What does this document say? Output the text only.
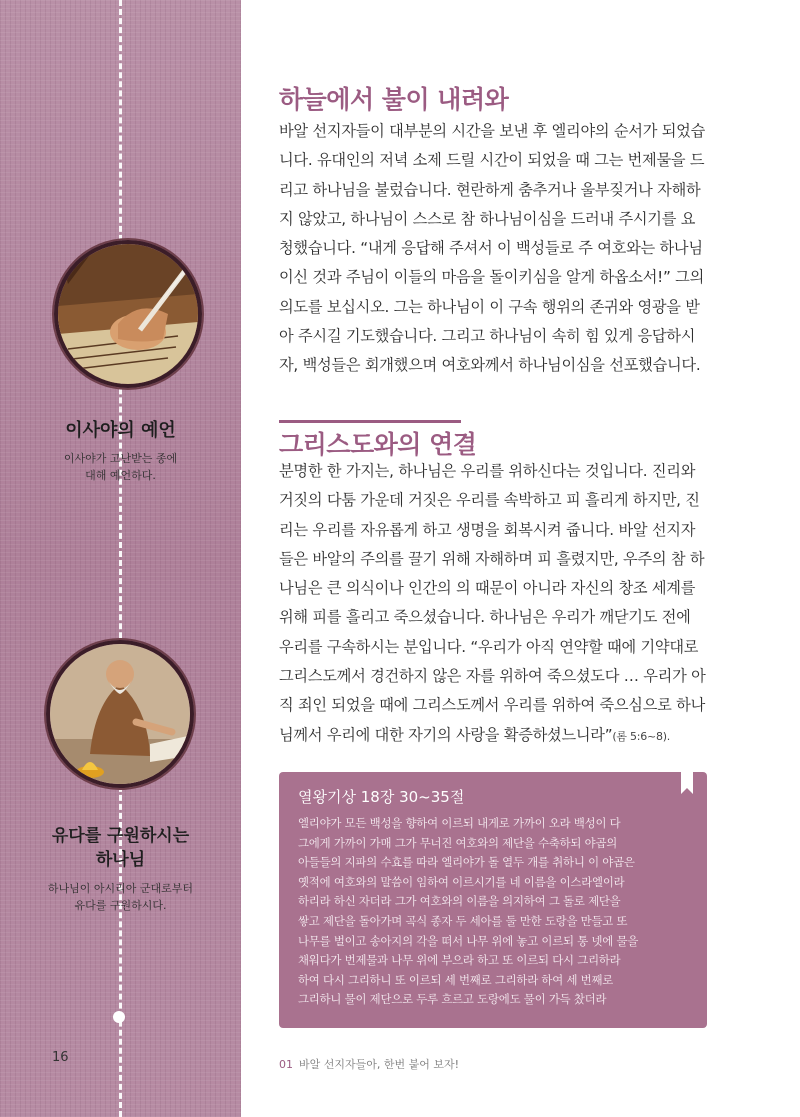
이사야의 예언
이사야가 고난받는 종에
대해 예언하다.
유다를 구원하시는
하나님
하나님이 아시리아 군대로부터
유다를 구원하시다.
16
하늘에서 불이 내려와
바알 선지자들이 대부분의 시간을 보낸 후 엘리야의 순서가 되었습
니다. 유대인의 저녁 소제 드릴 시간이 되었을 때 그는 번제물을 드
리고 하나님을 불렀습니다. 현란하게 춤추거나 울부짖거나 자해하
지 않았고, 하나님이 스스로 참 하나님이심을 드러내 주시기를 요
청했습니다. “내게 응답해 주셔서 이 백성들로 주 여호와는 하나님
이신 것과 주님이 이들의 마음을 돌이키심을 알게 하옵소서!” 그의
의도를 보십시오. 그는 하나님이 이 구속 행위의 존귀와 영광을 받
아 주시길 기도했습니다. 그리고 하나님이 속히 힘 있게 응답하시
자, 백성들은 회개했으며 여호와께서 하나님이심을 선포했습니다.
그리스도와의 연결
분명한 한 가지는, 하나님은 우리를 위하신다는 것입니다. 진리와
거짓의 다툼 가운데 거짓은 우리를 속박하고 피 흘리게 하지만, 진
리는 우리를 자유롭게 하고 생명을 회복시켜 줍니다. 바알 선지자
들은 바알의 주의를 끌기 위해 자해하며 피 흘렸지만, 우주의 참 하
나님은 큰 의식이나 인간의 의 때문이 아니라 자신의 창조 세계를
위해 피를 흘리고 죽으셨습니다. 하나님은 우리가 깨닫기도 전에
우리를 구속하시는 분입니다. “우리가 아직 연약할 때에 기약대로
그리스도께서 경건하지 않은 자를 위하여 죽으셨도다 … 우리가 아
직 죄인 되었을 때에 그리스도께서 우리를 위하여 죽으심으로 하나
님께서 우리에 대한 자기의 사랑을 확증하셨느니라”(롬 5:6~8).
열왕기상 18장 30~35절
엘리야가 모든 백성을 향하여 이르되 내게로 가까이 오라 백성이 다
그에게 가까이 가매 그가 무너진 여호와의 제단을 수축하되 야곱의
아들들의 지파의 수효를 따라 엘리야가 돌 열두 개를 취하니 이 야곱은
옛적에 여호와의 말씀이 임하여 이르시기를 네 이름을 이스라엘이라
하리라 하신 자더라 그가 여호와의 이름을 의지하여 그 돌로 제단을
쌓고 제단을 돌아가며 곡식 종자 두 세아를 둘 만한 도랑을 만들고 또
나무를 벌이고 송아지의 각을 떠서 나무 위에 놓고 이르되 통 넷에 물을
채워다가 번제물과 나무 위에 부으라 하고 또 이르되 다시 그리하라
하여 다시 그리하니 또 이르되 세 번째로 그리하라 하여 세 번째로
그리하니 물이 제단으로 두루 흐르고 도랑에도 물이 가득 찼더라
01 바알 선지자들아, 한번 붙어 보자!
